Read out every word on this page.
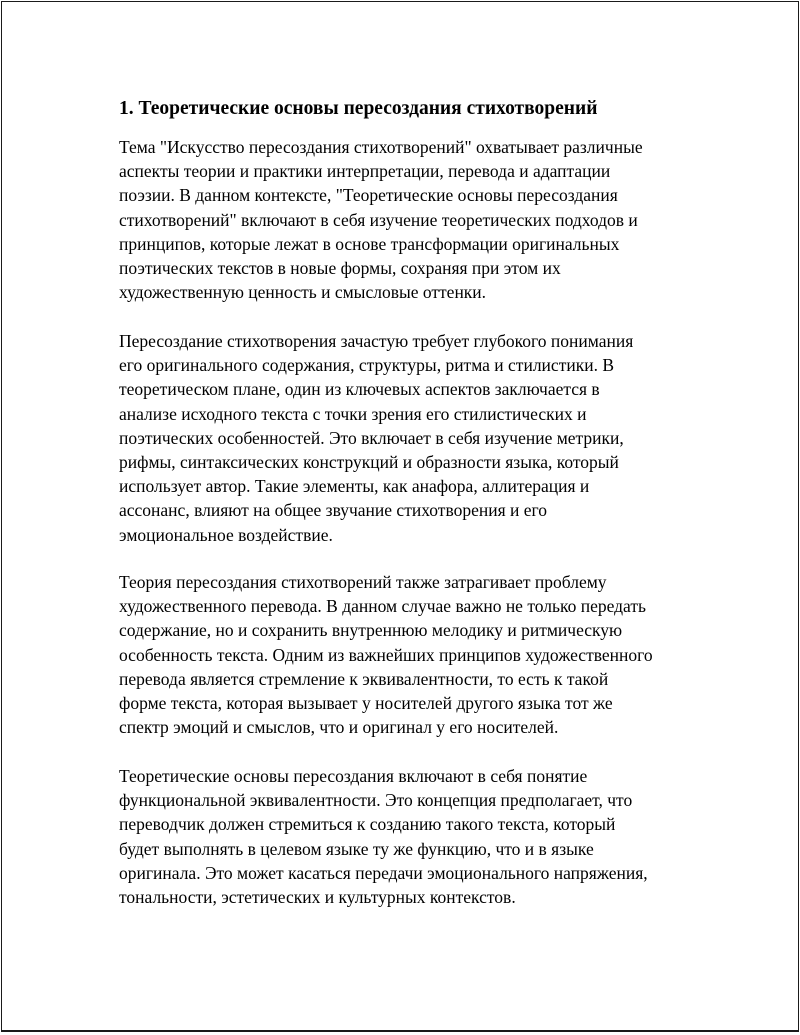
1. Теоретические основы пересоздания стихотворений

Тема "Искусство пересоздания стихотворений" охватывает различные
аспекты теории и практики интерпретации, перевода и адаптации
поэзии. В данном контексте, "Теоретические основы пересоздания
стихотворений" включают в себя изучение теоретических подходов и
принципов, которые лежат в основе трансформации оригинальных
поэтических текстов в новые формы, сохраняя при этом их
художественную ценность и смысловые оттенки.

Пересоздание стихотворения зачастую требует глубокого понимания
его оригинального содержания, структуры, ритма и стилистики. В
теоретическом плане, один из ключевых аспектов заключается в
анализе исходного текста с точки зрения его стилистических и
поэтических особенностей. Это включает в себя изучение метрики,
рифмы, синтаксических конструкций и образности языка, который
использует автор. Такие элементы, как анафора, аллитерация и
ассонанс, влияют на общее звучание стихотворения и его
эмоциональное воздействие.

Теория пересоздания стихотворений также затрагивает проблему
художественного перевода. В данном случае важно не только передать
содержание, но и сохранить внутреннюю мелодику и ритмическую
особенность текста. Одним из важнейших принципов художественного
перевода является стремление к эквивалентности, то есть к такой
форме текста, которая вызывает у носителей другого языка тот же
спектр эмоций и смыслов, что и оригинал у его носителей.

Теоретические основы пересоздания включают в себя понятие
функциональной эквивалентности. Это концепция предполагает, что
переводчик должен стремиться к созданию такого текста, который
будет выполнять в целевом языке ту же функцию, что и в языке
оригинала. Это может касаться передачи эмоционального напряжения,
тональности, эстетических и культурных контекстов.
